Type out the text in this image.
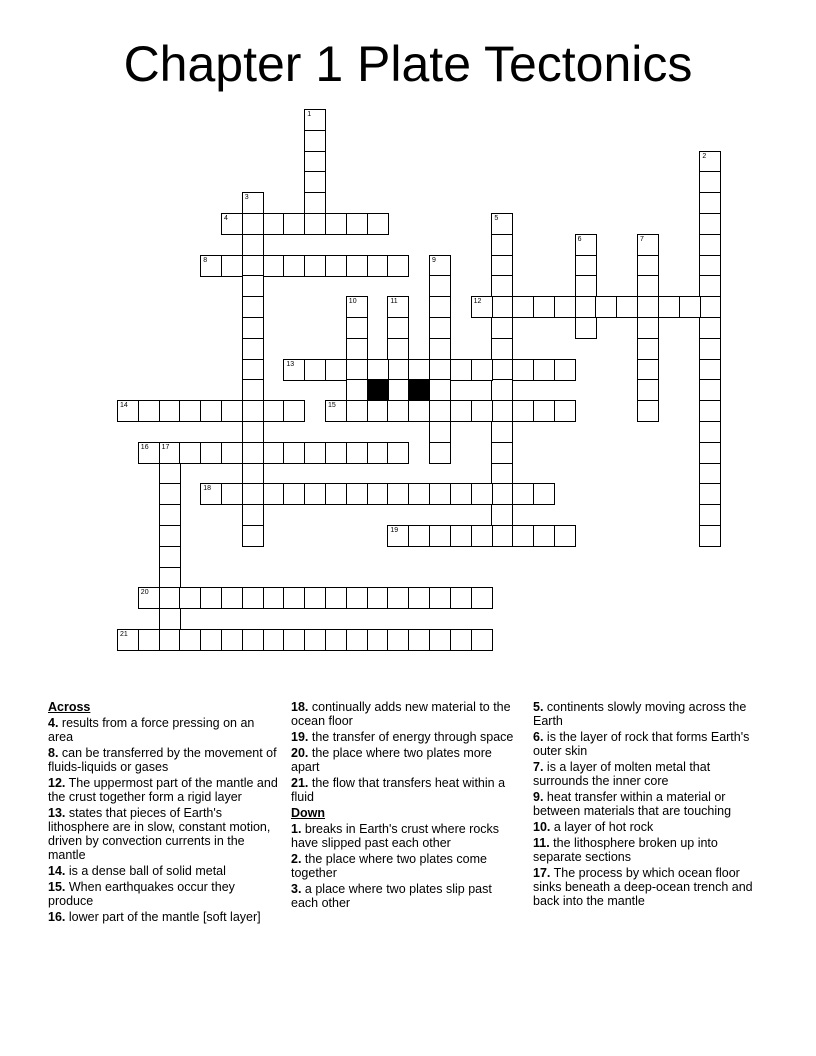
Chapter 1 Plate Tectonics
1
2
3
4	5
6	7
8	9
10	11	12
13
14	15
16 17
18
19
20
21
Across
4. results from a force pressing on an area
8. can be transferred by the movement of fluids-liquids or gases
12. The uppermost part of the mantle and the crust together form a rigid layer
13. states that pieces of Earth's lithosphere are in slow, constant motion, driven by convection currents in the mantle
14. is a dense ball of solid metal
15. When earthquakes occur they produce
16. lower part of the mantle [soft layer]
18. continually adds new material to the ocean floor
19. the transfer of energy through space
20. the place where two plates more apart
21. the flow that transfers heat within a fluid
Down
1. breaks in Earth's crust where rocks have slipped past each other
2. the place where two plates come together
3. a place where two plates slip past each other
5. continents slowly moving across the Earth
6. is the layer of rock that forms Earth's outer skin
7. is a layer of molten metal that surrounds the inner core
9. heat transfer within a material or between materials that are touching
10. a layer of hot rock
11. the lithosphere broken up into separate sections
17. The process by which ocean floor sinks beneath a deep-ocean trench and back into the mantle
